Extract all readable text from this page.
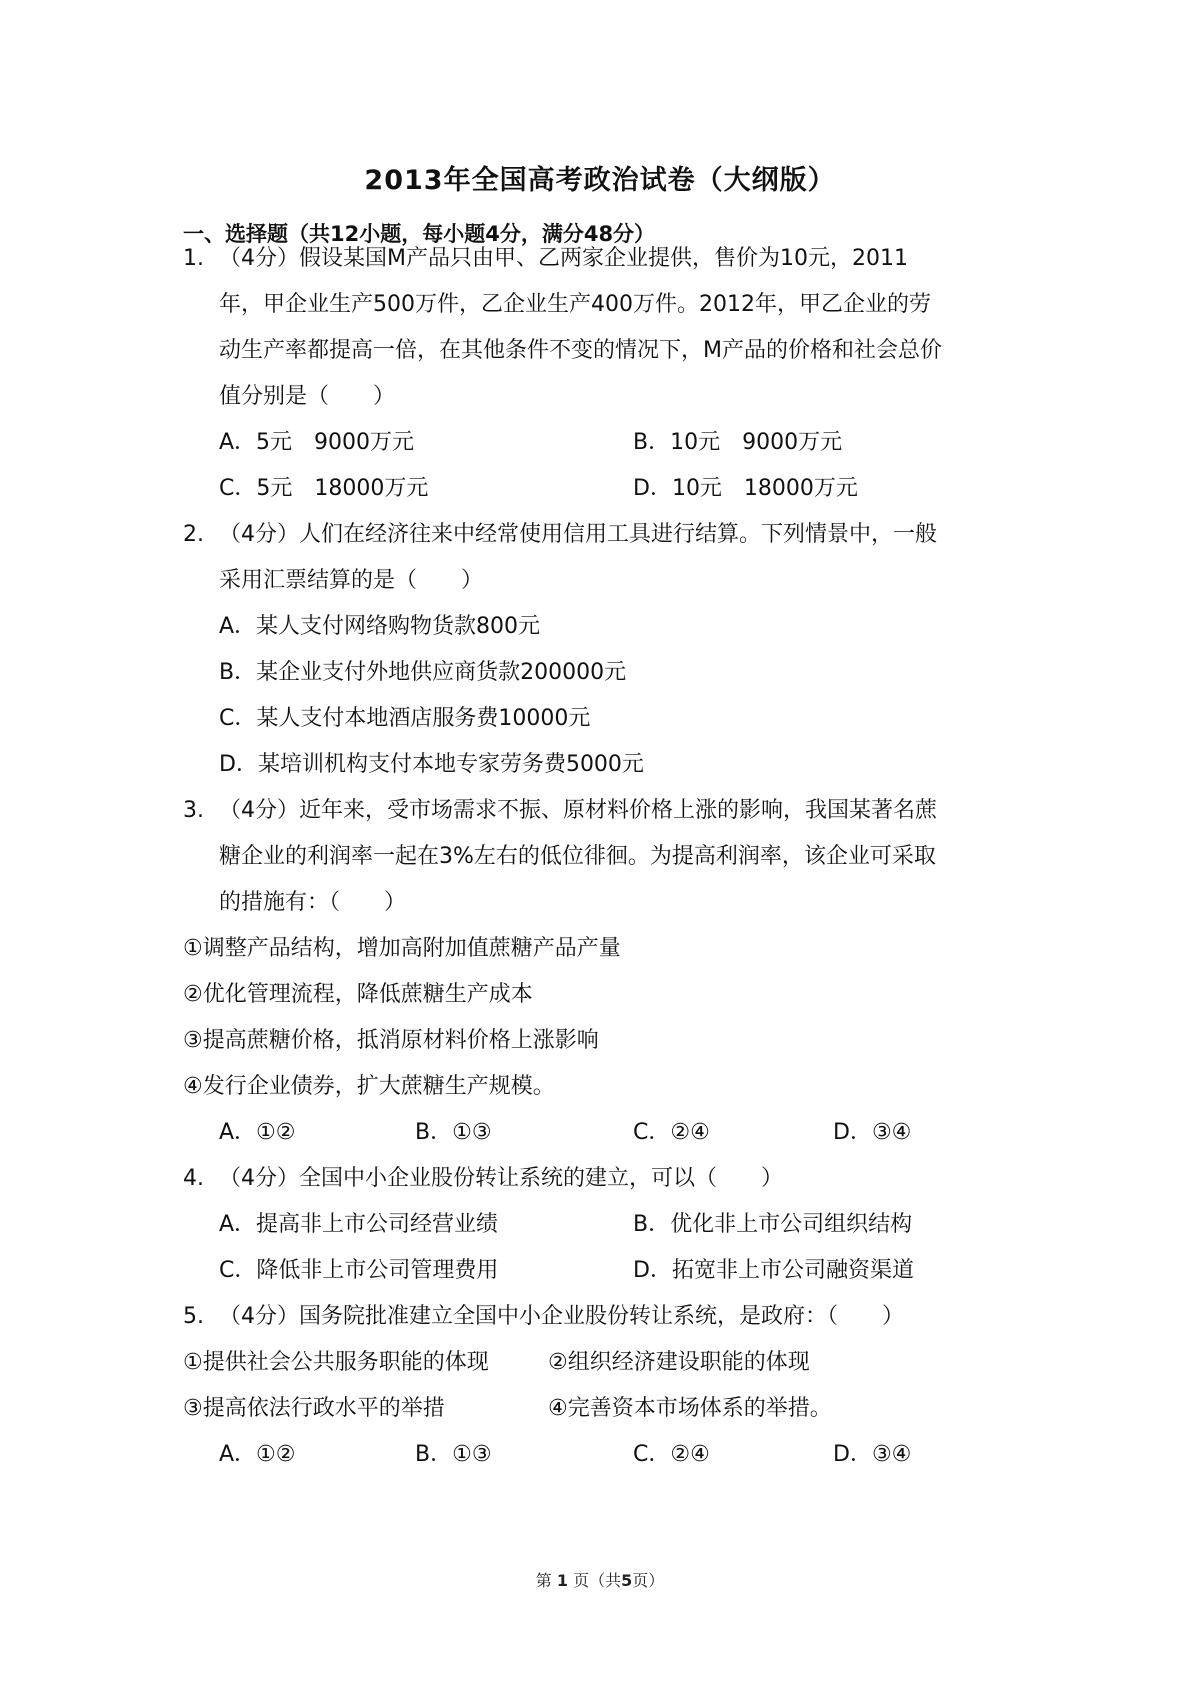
2013年全国高考政治试卷（大纲版）
一、选择题（共12小题，每小题4分，满分48分）
1. （4分）假设某国M产品只由甲、乙两家企业提供，售价为10元，2011
年，甲企业生产500万件，乙企业生产400万件。2012年，甲乙企业的劳
动生产率都提高一倍，在其他条件不变的情况下，M产品的价格和社会总价
值分别是（　　）
A．5元　9000万元	B．10元　9000万元
C．5元　18000万元	D．10元　18000万元
2. （4分）人们在经济往来中经常使用信用工具进行结算。下列情景中，一般
采用汇票结算的是（　　）
A．某人支付网络购物货款800元
B．某企业支付外地供应商货款200000元
C．某人支付本地酒店服务费10000元
D．某培训机构支付本地专家劳务费5000元
3. （4分）近年来，受市场需求不振、原材料价格上涨的影响，我国某著名蔗
糖企业的利润率一起在3%左右的低位徘徊。为提高利润率，该企业可采取
的措施有：（　　）
①调整产品结构，增加高附加值蔗糖产品产量
②优化管理流程，降低蔗糖生产成本
③提高蔗糖价格，抵消原材料价格上涨影响
④发行企业债券，扩大蔗糖生产规模。
A．①②	B．①③	C．②④	D．③④
4. （4分）全国中小企业股份转让系统的建立，可以（　　）
A．提高非上市公司经营业绩	B．优化非上市公司组织结构
C．降低非上市公司管理费用	D．拓宽非上市公司融资渠道
5. （4分）国务院批准建立全国中小企业股份转让系统，是政府：（　　）
①提供社会公共服务职能的体现	②组织经济建设职能的体现
③提高依法行政水平的举措	④完善资本市场体系的举措。
A．①②	B．①③	C．②④	D．③④
第 1 页（共5页）
